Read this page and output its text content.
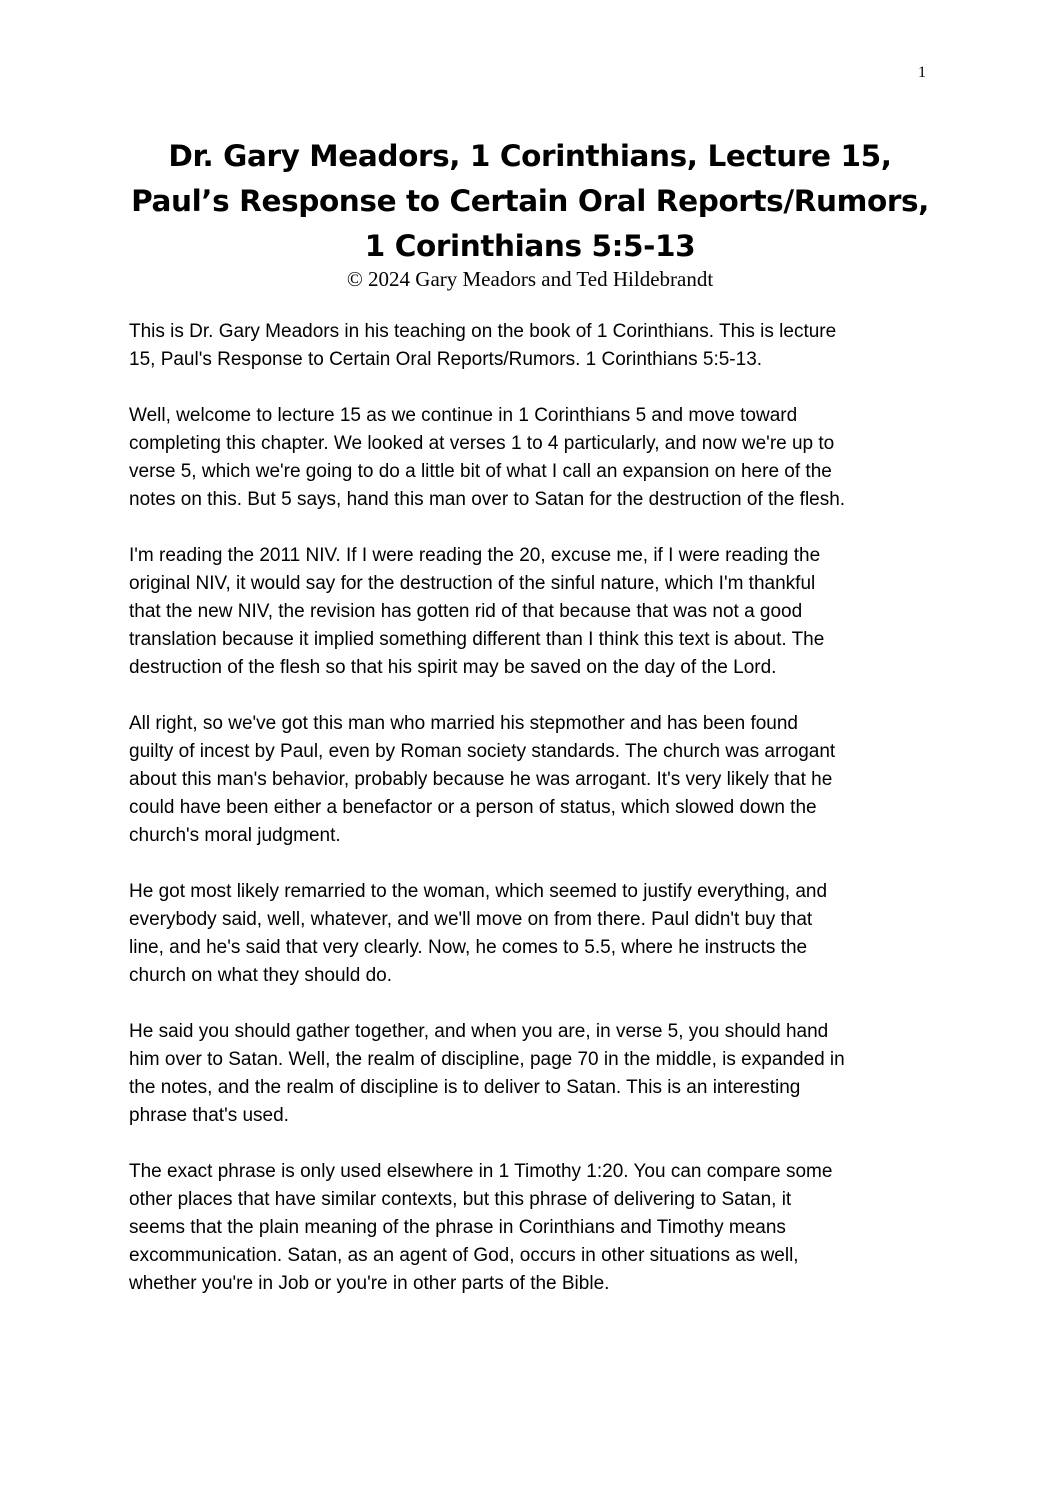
1
Dr. Gary Meadors, 1 Corinthians, Lecture 15,
Paul’s Response to Certain Oral Reports/Rumors,
1 Corinthians 5:5-13
© 2024 Gary Meadors and Ted Hildebrandt

This is Dr. Gary Meadors in his teaching on the book of 1 Corinthians. This is lecture
15, Paul's Response to Certain Oral Reports/Rumors. 1 Corinthians 5:5-13.

Well, welcome to lecture 15 as we continue in 1 Corinthians 5 and move toward
completing this chapter. We looked at verses 1 to 4 particularly, and now we're up to
verse 5, which we're going to do a little bit of what I call an expansion on here of the
notes on this. But 5 says, hand this man over to Satan for the destruction of the flesh.

I'm reading the 2011 NIV. If I were reading the 20, excuse me, if I were reading the
original NIV, it would say for the destruction of the sinful nature, which I'm thankful
that the new NIV, the revision has gotten rid of that because that was not a good
translation because it implied something different than I think this text is about. The
destruction of the flesh so that his spirit may be saved on the day of the Lord.

All right, so we've got this man who married his stepmother and has been found
guilty of incest by Paul, even by Roman society standards. The church was arrogant
about this man's behavior, probably because he was arrogant. It's very likely that he
could have been either a benefactor or a person of status, which slowed down the
church's moral judgment.

He got most likely remarried to the woman, which seemed to justify everything, and
everybody said, well, whatever, and we'll move on from there. Paul didn't buy that
line, and he's said that very clearly. Now, he comes to 5.5, where he instructs the
church on what they should do.

He said you should gather together, and when you are, in verse 5, you should hand
him over to Satan. Well, the realm of discipline, page 70 in the middle, is expanded in
the notes, and the realm of discipline is to deliver to Satan. This is an interesting
phrase that's used.

The exact phrase is only used elsewhere in 1 Timothy 1:20. You can compare some
other places that have similar contexts, but this phrase of delivering to Satan, it
seems that the plain meaning of the phrase in Corinthians and Timothy means
excommunication. Satan, as an agent of God, occurs in other situations as well,
whether you're in Job or you're in other parts of the Bible.
